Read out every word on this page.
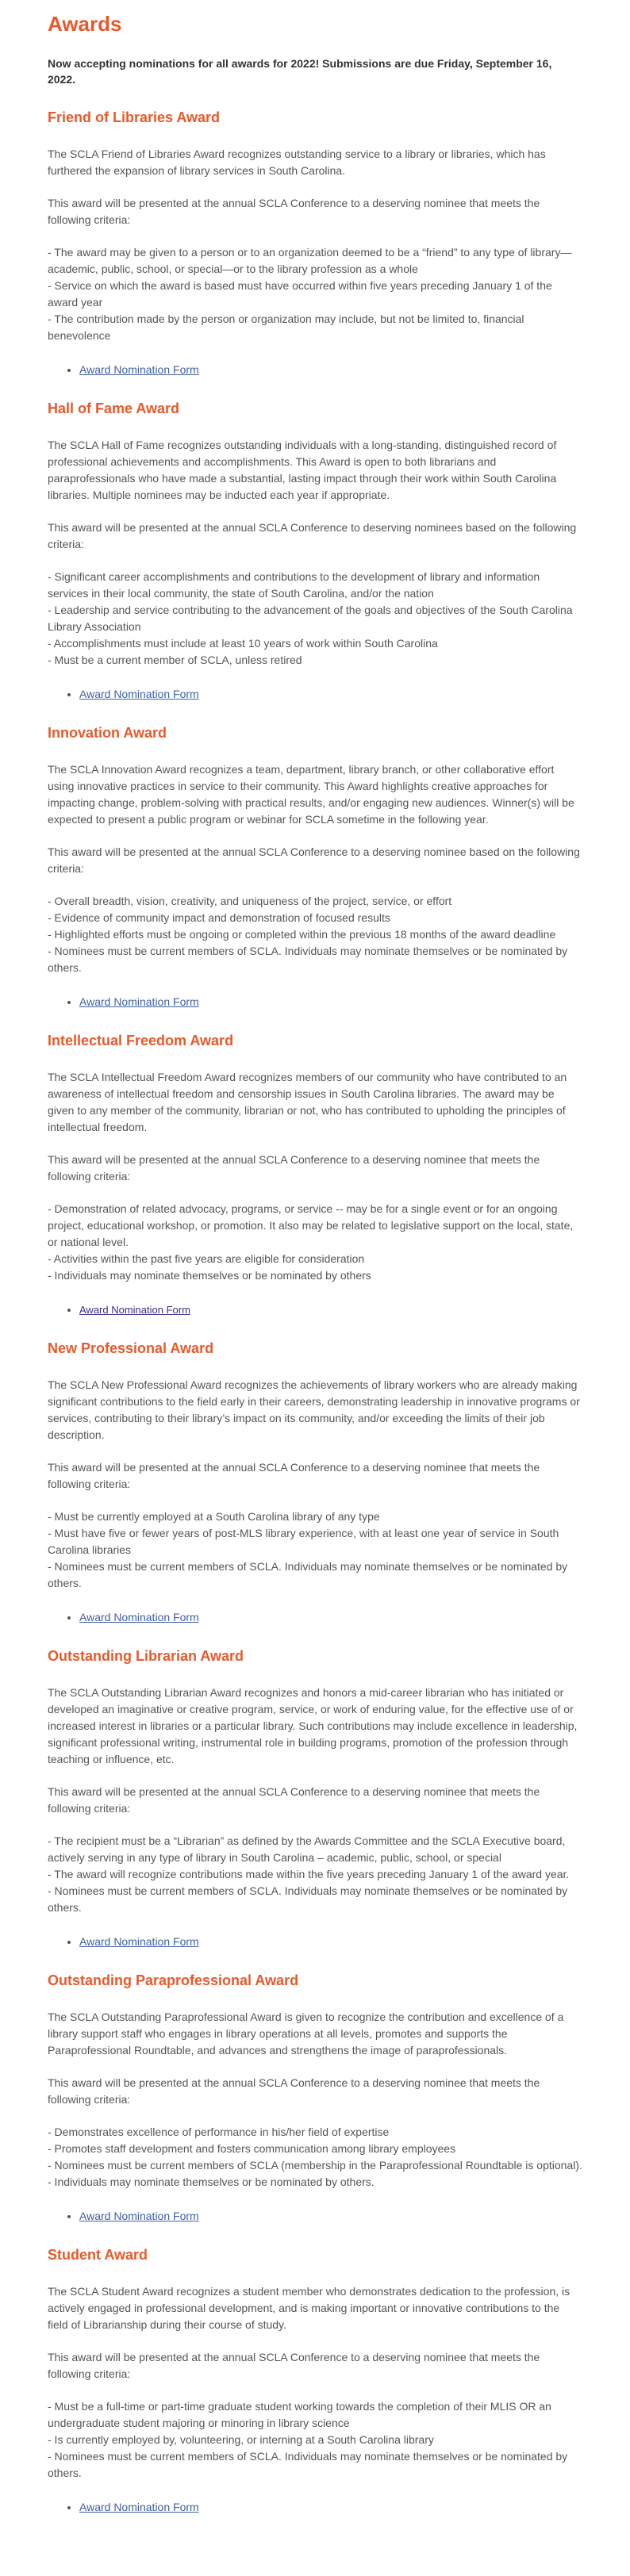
Awards

Now accepting nominations for all awards for 2022! Submissions are due Friday, September 16, 2022.

Friend of Libraries Award

The SCLA Friend of Libraries Award recognizes outstanding service to a library or libraries, which has furthered the expansion of library services in South Carolina.

This award will be presented at the annual SCLA Conference to a deserving nominee that meets the following criteria:

- The award may be given to a person or to an organization deemed to be a “friend” to any type of library—academic, public, school, or special—or to the library profession as a whole

- Service on which the award is based must have occurred within five years preceding January 1 of the award year

- The contribution made by the person or organization may include, but not be limited to, financial benevolence

• Award Nomination Form
Hall of Fame Award

The SCLA Hall of Fame recognizes outstanding individuals with a long-standing, distinguished record of professional achievements and accomplishments. This Award is open to both librarians and paraprofessionals who have made a substantial, lasting impact through their work within South Carolina libraries. Multiple nominees may be inducted each year if appropriate.

This award will be presented at the annual SCLA Conference to deserving nominees based on the following criteria:

- Significant career accomplishments and contributions to the development of library and information services in their local community, the state of South Carolina, and/or the nation

- Leadership and service contributing to the advancement of the goals and objectives of the South Carolina Library Association

- Accomplishments must include at least 10 years of work within South Carolina

- Must be a current member of SCLA, unless retired

• Award Nomination Form
Innovation Award

The SCLA Innovation Award recognizes a team, department, library branch, or other collaborative effort using innovative practices in service to their community. This Award highlights creative approaches for impacting change, problem-solving with practical results, and/or engaging new audiences. Winner(s) will be expected to present a public program or webinar for SCLA sometime in the following year.

This award will be presented at the annual SCLA Conference to a deserving nominee based on the following criteria:

- Overall breadth, vision, creativity, and uniqueness of the project, service, or effort

- Evidence of community impact and demonstration of focused results

- Highlighted efforts must be ongoing or completed within the previous 18 months of the award deadline

- Nominees must be current members of SCLA. Individuals may nominate themselves or be nominated by others.

• Award Nomination Form
Intellectual Freedom Award

The SCLA Intellectual Freedom Award recognizes members of our community who have contributed to an awareness of intellectual freedom and censorship issues in South Carolina libraries. The award may be given to any member of the community, librarian or not, who has contributed to upholding the principles of intellectual freedom.

This award will be presented at the annual SCLA Conference to a deserving nominee that meets the following criteria:

- Demonstration of related advocacy, programs, or service -- may be for a single event or for an ongoing project, educational workshop, or promotion. It also may be related to legislative support on the local, state, or national level.

- Activities within the past five years are eligible for consideration

- Individuals may nominate themselves or be nominated by others

• Award Nomination Form
New Professional Award

The SCLA New Professional Award recognizes the achievements of library workers who are already making significant contributions to the field early in their careers, demonstrating leadership in innovative programs or services, contributing to their library’s impact on its community, and/or exceeding the limits of their job description.

This award will be presented at the annual SCLA Conference to a deserving nominee that meets the following criteria:

- Must be currently employed at a South Carolina library of any type

- Must have five or fewer years of post-MLS library experience, with at least one year of service in South Carolina libraries

- Nominees must be current members of SCLA. Individuals may nominate themselves or be nominated by others.

• Award Nomination Form
Outstanding Librarian Award

The SCLA Outstanding Librarian Award recognizes and honors a mid-career librarian who has initiated or developed an imaginative or creative program, service, or work of enduring value, for the effective use of or increased interest in libraries or a particular library. Such contributions may include excellence in leadership, significant professional writing, instrumental role in building programs, promotion of the profession through teaching or influence, etc.

This award will be presented at the annual SCLA Conference to a deserving nominee that meets the following criteria:

- The recipient must be a “Librarian” as defined by the Awards Committee and the SCLA Executive board, actively serving in any type of library in South Carolina – academic, public, school, or special

- The award will recognize contributions made within the five years preceding January 1 of the award year.

- Nominees must be current members of SCLA. Individuals may nominate themselves or be nominated by others.

• Award Nomination Form
Outstanding Paraprofessional Award

The SCLA Outstanding Paraprofessional Award is given to recognize the contribution and excellence of a library support staff who engages in library operations at all levels, promotes and supports the Paraprofessional Roundtable, and advances and strengthens the image of paraprofessionals.

This award will be presented at the annual SCLA Conference to a deserving nominee that meets the following criteria:

- Demonstrates excellence of performance in his/her field of expertise

- Promotes staff development and fosters communication among library employees

- Nominees must be current members of SCLA (membership in the Paraprofessional Roundtable is optional).

- Individuals may nominate themselves or be nominated by others.

• Award Nomination Form
Student Award

The SCLA Student Award recognizes a student member who demonstrates dedication to the profession, is actively engaged in professional development, and is making important or innovative contributions to the field of Librarianship during their course of study.

This award will be presented at the annual SCLA Conference to a deserving nominee that meets the following criteria:

- Must be a full-time or part-time graduate student working towards the completion of their MLIS OR an undergraduate student majoring or minoring in library science

- Is currently employed by, volunteering, or interning at a South Carolina library

- Nominees must be current members of SCLA. Individuals may nominate themselves or be nominated by others.

• Award Nomination Form
